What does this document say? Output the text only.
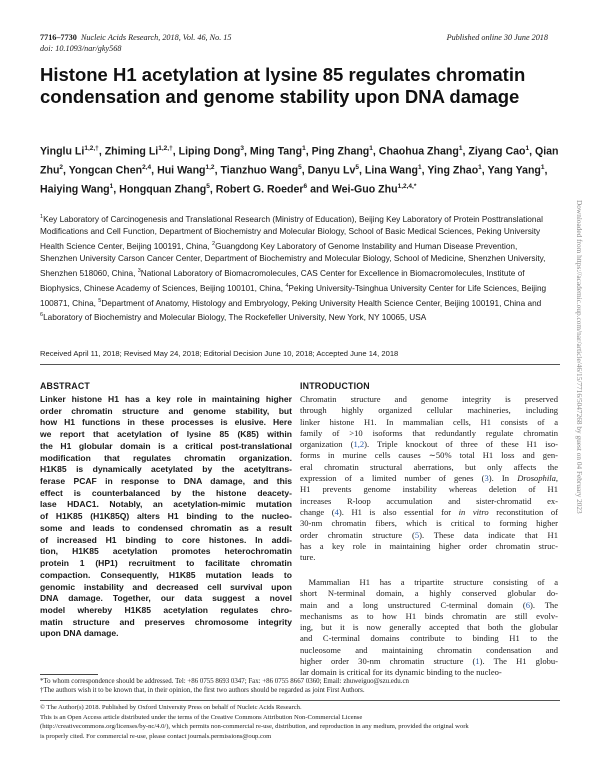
7716–7730 Nucleic Acids Research, 2018, Vol. 46, No. 15	Published online 30 June 2018
doi: 10.1093/nar/gky568
Histone H1 acetylation at lysine 85 regulates chromatin condensation and genome stability upon DNA damage
Yinglu $Li^{1,2,\dagger}$, Zhiming $Li^{1,2,\dagger}$, Liping Dong$^3$, Ming Tang$^1$, Ping Zhang$^1$, Chaohua Zhang$^1$, Ziyang Cao$^1$, Qian Zhu$^2$, Yongcan Chen$^{2,4}$, Hui Wang$^{1,2}$, Tianzhuo Wang$^5$, Danyu Lv$^5$, Lina Wang$^1$, Ying Zhao$^1$, Yang Yang$^1$, Haiying Wang$^1$, Hongquan Zhang$^5$, Robert G. Roeder$^6$ and Wei-Guo Zhu$^{1,2,4,*}$
$^1$Key Laboratory of Carcinogenesis and Translational Research (Ministry of Education), Beijing Key Laboratory of Protein Posttranslational Modifications and Cell Function, Department of Biochemistry and Molecular Biology, School of Basic Medical Sciences, Peking University Health Science Center, Beijing 100191, China, $^2$Guangdong Key Laboratory of Genome Instability and Human Disease Prevention, Shenzhen University Carson Cancer Center, Department of Biochemistry and Molecular Biology, School of Medicine, Shenzhen University, Shenzhen 518060, China, $^3$National Laboratory of Biomacromolecules, CAS Center for Excellence in Biomacromolecules, Institute of Biophysics, Chinese Academy of Sciences, Beijing 100101, China, $^4$Peking University-Tsinghua University Center for Life Sciences, Beijing 100871, China, $^5$Department of Anatomy, Histology and Embryology, Peking University Health Science Center, Beijing 100191, China and $^6$Laboratory of Biochemistry and Molecular Biology, The Rockefeller University, New York, NY 10065, USA
Received April 11, 2018; Revised May 24, 2018; Editorial Decision June 10, 2018; Accepted June 14, 2018
ABSTRACT
Linker histone H1 has a key role in maintaining higher
order chromatin structure and genome stability, but
how H1 functions in these processes is elusive. Here
we report that acetylation of lysine 85 (K85) within
the H1 globular domain is a critical post-translational
modification that regulates chromatin organization.
H1K85 is dynamically acetylated by the acetyltrans-
ferase PCAF in response to DNA damage, and this
effect is counterbalanced by the histone deacety-
lase HDAC1. Notably, an acetylation-mimic mutation
of H1K85 (H1K85Q) alters H1 binding to the nucleo-
some and leads to condensed chromatin as a result
of increased H1 binding to core histones. In addi-
tion, H1K85 acetylation promotes heterochromatin
protein 1 (HP1) recruitment to facilitate chromatin
compaction. Consequently, H1K85 mutation leads to
genomic instability and decreased cell survival upon
DNA damage. Together, our data suggest a novel
model whereby H1K85 acetylation regulates chro-
matin structure and preserves chromosome integrity
upon DNA damage.
INTRODUCTION
Chromatin structure and genome integrity is preserved
through highly organized cellular machineries, including
linker histone H1. In mammalian cells, H1 consists of a
family of >10 isoforms that redundantly regulate chromatin
organization (1,2). Triple knockout of three of these H1 iso-
forms in murine cells causes ∼50% total H1 loss and gen-
eral chromatin structural aberrations, but only affects the
expression of a limited number of genes (3). In Drosophila,
H1 prevents genome instability whereas deletion of H1
increases R-loop accumulation and sister-chromatid ex-
change (4). H1 is also essential for in vitro reconstitution of
30-nm chromatin fibers, which is critical to forming higher
order chromatin structure (5). These data indicate that H1
has a key role in maintaining higher order chromatin struc-
ture.
 Mammalian H1 has a tripartite structure consisting of a
short N-terminal domain, a highly conserved globular do-
main and a long unstructured C-terminal domain (6). The
mechanisms as to how H1 binds chromatin are still evolv-
ing, but it is now generally accepted that both the globular
and C-terminal domains contribute to binding H1 to the
nucleosome and maintaining chromatin condensation and
higher order 30-nm chromatin structure (1). The H1 globu-
lar domain is critical for its dynamic binding to the nucleo-
*To whom correspondence should be addressed. Tel: +86 0755 8693 0347; Fax: +86 0755 8667 0360; Email: zhuweiguo@szu.edu.cn
†The authors wish it to be known that, in their opinion, the first two authors should be regarded as joint First Authors.
© The Author(s) 2018. Published by Oxford University Press on behalf of Nucleic Acids Research.
This is an Open Access article distributed under the terms of the Creative Commons Attribution Non-Commercial License
(http://creativecommons.org/licenses/by-nc/4.0/), which permits non-commercial re-use, distribution, and reproduction in any medium, provided the original work
is properly cited. For commercial re-use, please contact journals.permissions@oup.com
Downloaded from https://academic.oup.com/nar/article/46/15/7716/5047268 by guest on 04 February 2023
